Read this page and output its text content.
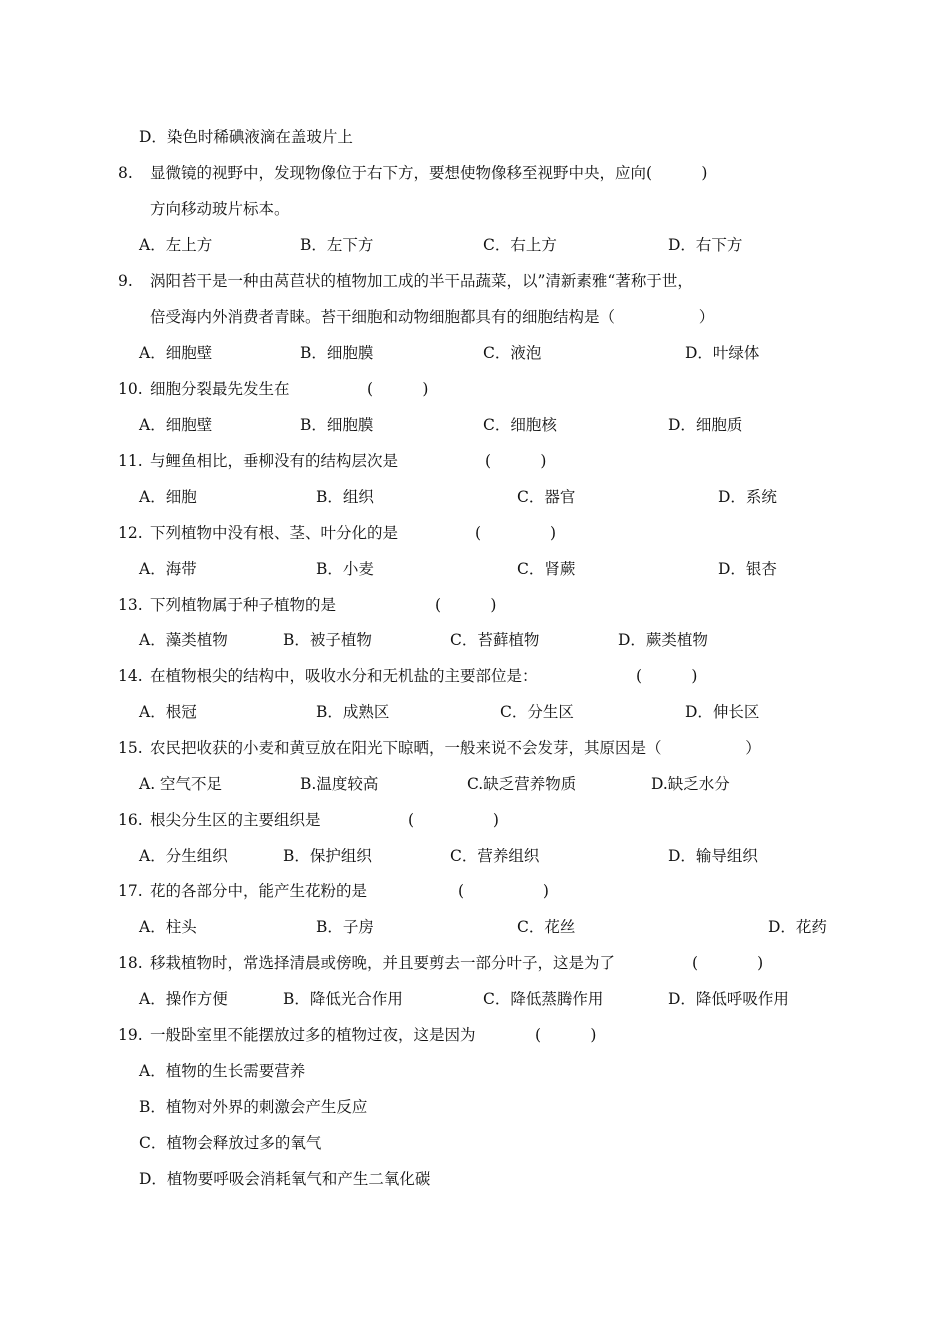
D．染色时稀碘液滴在盖玻片上
8. 显微镜的视野中，发现物像位于右下方，要想使物像移至视野中央，应向(          )
方向移动玻片标本。
A．左上方	B．左下方	C．右上方	D．右下方
9. 涡阳苔干是一种由莴苣状的植物加工成的半干品蔬菜，以”清新素雅“著称于世，
倍受海内外消费者青睐。苔干细胞和动物细胞都具有的细胞结构是（                 ）
A．细胞壁	B．细胞膜	C．液泡	D．叶绿体
10. 细胞分裂最先发生在	(          )
A．细胞壁	B．细胞膜	C．细胞核	D．细胞质
11. 与鲤鱼相比，垂柳没有的结构层次是	(          )
A．细胞	B．组织	C．器官	D．系统
12. 下列植物中没有根、茎、叶分化的是	(              )
A．海带	B．小麦	C．肾蕨	D．银杏
13. 下列植物属于种子植物的是	(          )
A．藻类植物	B．被子植物	C．苔藓植物	D．蕨类植物
14. 在植物根尖的结构中，吸收水分和无机盐的主要部位是：	(          )
A．根冠	B．成熟区	C．分生区	D．伸长区
15. 农民把收获的小麦和黄豆放在阳光下晾晒，一般来说不会发芽，其原因是（                 ）
A. 空气不足	B.温度较高	C.缺乏营养物质	D.缺乏水分
16. 根尖分生区的主要组织是	(                )
A．分生组织	B．保护组织	C．营养组织	D．输导组织
17. 花的各部分中，能产生花粉的是	(                )
A．柱头	B．子房	C．花丝	D．花药
18. 移栽植物时，常选择清晨或傍晚，并且要剪去一部分叶子，这是为了	(            )
A．操作方便	B．降低光合作用	C．降低蒸腾作用	D．降低呼吸作用
19. 一般卧室里不能摆放过多的植物过夜，这是因为	(          )
A．植物的生长需要营养
B．植物对外界的刺激会产生反应
C．植物会释放过多的氧气
D．植物要呼吸会消耗氧气和产生二氧化碳
